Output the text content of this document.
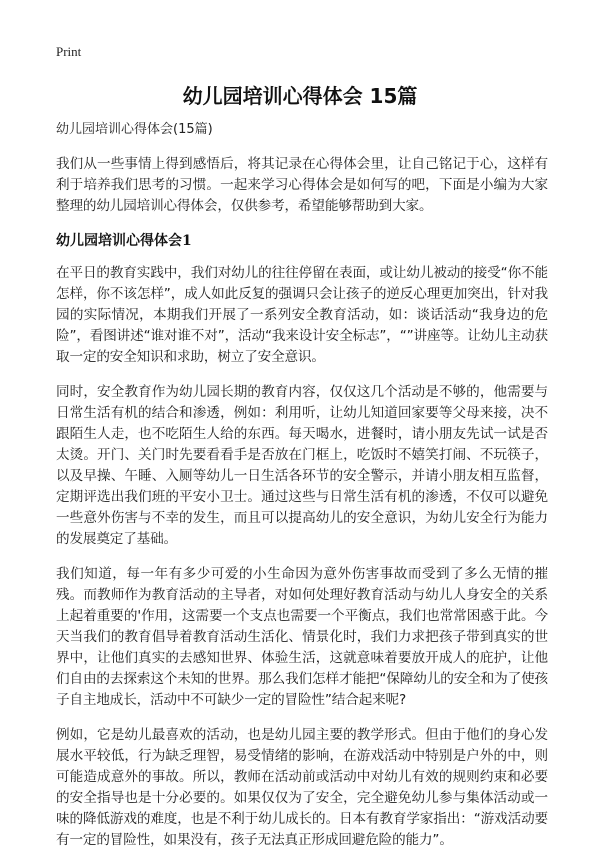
Print
幼儿园培训心得体会 15篇

幼儿园培训心得体会(15篇)

我们从一些事情上得到感悟后，将其记录在心得体会里，让自己铭记于心，这样有利于培养我们思考的习惯。一起来学习心得体会是如何写的吧，下面是小编为大家整理的幼儿园培训心得体会，仅供参考，希望能够帮助到大家。

幼儿园培训心得体会1

在平日的教育实践中，我们对幼儿的往往停留在表面，或让幼儿被动的接受“你不能怎样，你不该怎样”，成人如此反复的强调只会让孩子的逆反心理更加突出，针对我园的实际情况，本期我们开展了一系列安全教育活动，如：谈话活动“我身边的危险”，看图讲述“谁对谁不对”，活动“我来设计安全标志”，“”讲座等。让幼儿主动获取一定的安全知识和求助，树立了安全意识。

同时，安全教育作为幼儿园长期的教育内容，仅仅这几个活动是不够的，他需要与日常生活有机的结合和渗透，例如：利用听，让幼儿知道回家要等父母来接，决不跟陌生人走，也不吃陌生人给的东西。每天喝水，进餐时，请小朋友先试一试是否太烫。开门、关门时先要看看手是否放在门框上，吃饭时不嬉笑打闹、不玩筷子，以及早操、午睡、入厕等幼儿一日生活各环节的安全警示，并请小朋友相互监督，定期评选出我们班的平安小卫士。通过这些与日常生活有机的渗透，不仅可以避免一些意外伤害与不幸的发生，而且可以提高幼儿的安全意识，为幼儿安全行为能力的发展奠定了基础。

我们知道，每一年有多少可爱的小生命因为意外伤害事故而受到了多么无情的摧残。而教师作为教育活动的主导者，对如何处理好教育活动与幼儿人身安全的关系上起着重要的'作用，这需要一个支点也需要一个平衡点，我们也常常困惑于此。今天当我们的教育倡导着教育活动生活化、情景化时，我们力求把孩子带到真实的世界中，让他们真实的去感知世界、体验生活，这就意味着要放开成人的庇护，让他们自由的去探索这个未知的世界。那么我们怎样才能把“保障幼儿的安全和为了使孩子自主地成长，活动中不可缺少一定的冒险性”结合起来呢?

例如，它是幼儿最喜欢的活动，也是幼儿园主要的教学形式。但由于他们的身心发展水平较低，行为缺乏理智，易受情绪的影响，在游戏活动中特别是户外的中，则可能造成意外的事故。所以，教师在活动前或活动中对幼儿有效的规则约束和必要的安全指导也是十分必要的。如果仅仅为了安全，完全避免幼儿参与集体活动或一味的降低游戏的难度，也是不利于幼儿成长的。日本有教育学家指出：“游戏活动要有一定的冒险性，如果没有，孩子无法真正形成回避危险的能力”。
